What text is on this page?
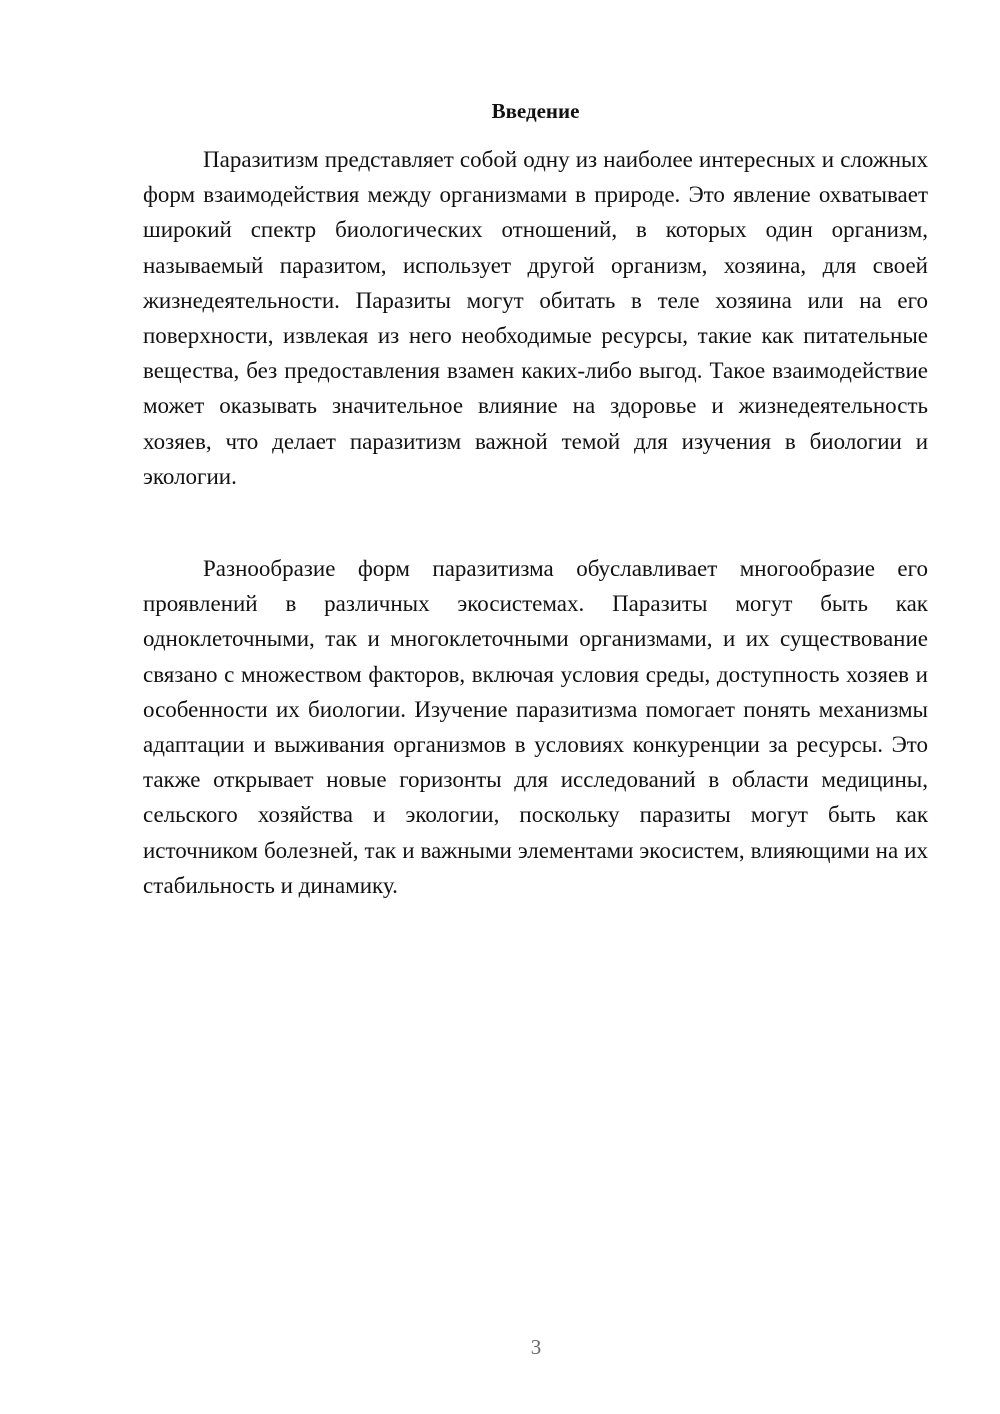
Введение

Паразитизм представляет собой одну из наиболее интересных и сложных форм взаимодействия между организмами в природе. Это явление охватывает широкий спектр биологических отношений, в которых один организм, называемый паразитом, использует другой организм, хозяина, для своей жизнедеятельности. Паразиты могут обитать в теле хозяина или на его поверхности, извлекая из него необходимые ресурсы, такие как питательные вещества, без предоставления взамен каких-либо выгод. Такое взаимодействие может оказывать значительное влияние на здоровье и жизнедеятельность хозяев, что делает паразитизм важной темой для изучения в биологии и экологии.

Разнообразие форм паразитизма обуславливает многообразие его проявлений в различных экосистемах. Паразиты могут быть как одноклеточными, так и многоклеточными организмами, и их существование связано с множеством факторов, включая условия среды, доступность хозяев и особенности их биологии. Изучение паразитизма помогает понять механизмы адаптации и выживания организмов в условиях конкуренции за ресурсы. Это также открывает новые горизонты для исследований в области медицины, сельского хозяйства и экологии, поскольку паразиты могут быть как источником болезней, так и важными элементами экосистем, влияющими на их стабильность и динамику.

3
